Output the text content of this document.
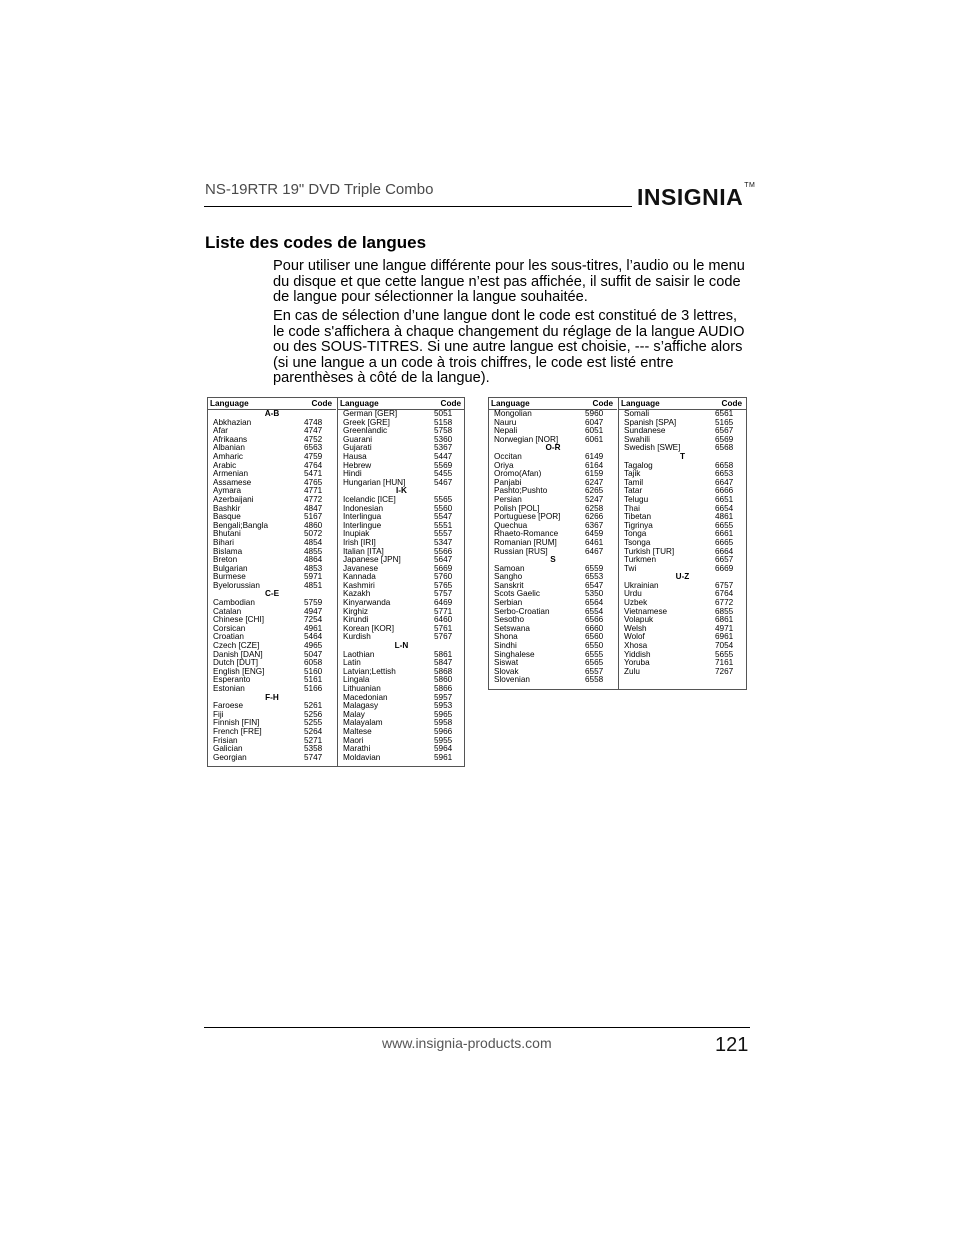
NS-19RTR 19" DVD Triple Combo	INSIGNIA™
Liste des codes de langues
Pour utiliser une langue différente pour les sous-titres, l’audio ou le menu du disque et que cette langue n’est pas affichée, il suffit de saisir le code de langue pour sélectionner la langue souhaitée.
En cas de sélection d’une langue dont le code est constitué de 3 lettres, le code s'affichera à chaque changement du réglage de la langue AUDIO ou des SOUS-TITRES. Si une autre langue est choisie, --- s’affiche alors (si une langue a un code à trois chiffres, le code est listé entre parenthèses à côté de la langue).
Language	Code
A-B
Abkhazian	4748
Afar	4747
Afrikaans	4752
Albanian	6563
Amharic	4759
Arabic	4764
Armenian	5471
Assamese	4765
Aymara	4771
Azerbaijani	4772
Bashkir	4847
Basque	5167
Bengali;Bangla	4860
Bhutani	5072
Bihari	4854
Bislama	4855
Breton	4864
Bulgarian	4853
Burmese	5971
Byelorussian	4851
C-E
Cambodian	5759
Catalan	4947
Chinese [CHI]	7254
Corsican	4961
Croatian	5464
Czech [CZE]	4965
Danish [DAN]	5047
Dutch [DUT]	6058
English [ENG]	5160
Esperanto	5161
Estonian	5166
F-H
Faroese	5261
Fiji	5256
Finnish [FIN]	5255
French [FRE]	5264
Frisian	5271
Galician	5358
Georgian	5747
Language	Code
German [GER]	5051
Greek [GRE]	5158
Greenlandic	5758
Guarani	5360
Gujarati	5367
Hausa	5447
Hebrew	5569
Hindi	5455
Hungarian [HUN]	5467
I-K
Icelandic [ICE]	5565
Indonesian	5560
Interlingua	5547
Interlingue	5551
Inupiak	5557
Irish [IRI]	5347
Italian [ITA]	5566
Japanese [JPN]	5647
Javanese	5669
Kannada	5760
Kashmiri	5765
Kazakh	5757
Kinyarwanda	6469
Kirghiz	5771
Kirundi	6460
Korean [KOR]	5761
Kurdish	5767
L-N
Laothian	5861
Latin	5847
Latvian;Lettish	5868
Lingala	5860
Lithuanian	5866
Macedonian	5957
Malagasy	5953
Malay	5965
Malayalam	5958
Maltese	5966
Maori	5955
Marathi	5964
Moldavian	5961
Language	Code
Mongolian	5960
Nauru	6047
Nepali	6051
Norwegian [NOR]	6061
O-R
Occitan	6149
Oriya	6164
Oromo(Afan)	6159
Panjabi	6247
Pashto;Pushto	6265
Persian	5247
Polish [POL]	6258
Portuguese [POR]	6266
Quechua	6367
Rhaeto-Romance	6459
Romanian [RUM]	6461
Russian [RUS]	6467
S
Samoan	6559
Sangho	6553
Sanskrit	6547
Scots Gaelic	5350
Serbian	6564
Serbo-Croatian	6554
Sesotho	6566
Setswana	6660
Shona	6560
Sindhi	6550
Singhalese	6555
Siswat	6565
Slovak	6557
Slovenian	6558
Language	Code
Somali	6561
Spanish [SPA]	5165
Sundanese	6567
Swahili	6569
Swedish [SWE]	6568
T
Tagalog	6658
Tajik	6653
Tamil	6647
Tatar	6666
Telugu	6651
Thai	6654
Tibetan	4861
Tigrinya	6655
Tonga	6661
Tsonga	6665
Turkish [TUR]	6664
Turkmen	6657
Twi	6669
U-Z
Ukrainian	6757
Urdu	6764
Uzbek	6772
Vietnamese	6855
Volapuk	6861
Welsh	4971
Wolof	6961
Xhosa	7054
Yiddish	5655
Yoruba	7161
Zulu	7267
www.insignia-products.com	121
